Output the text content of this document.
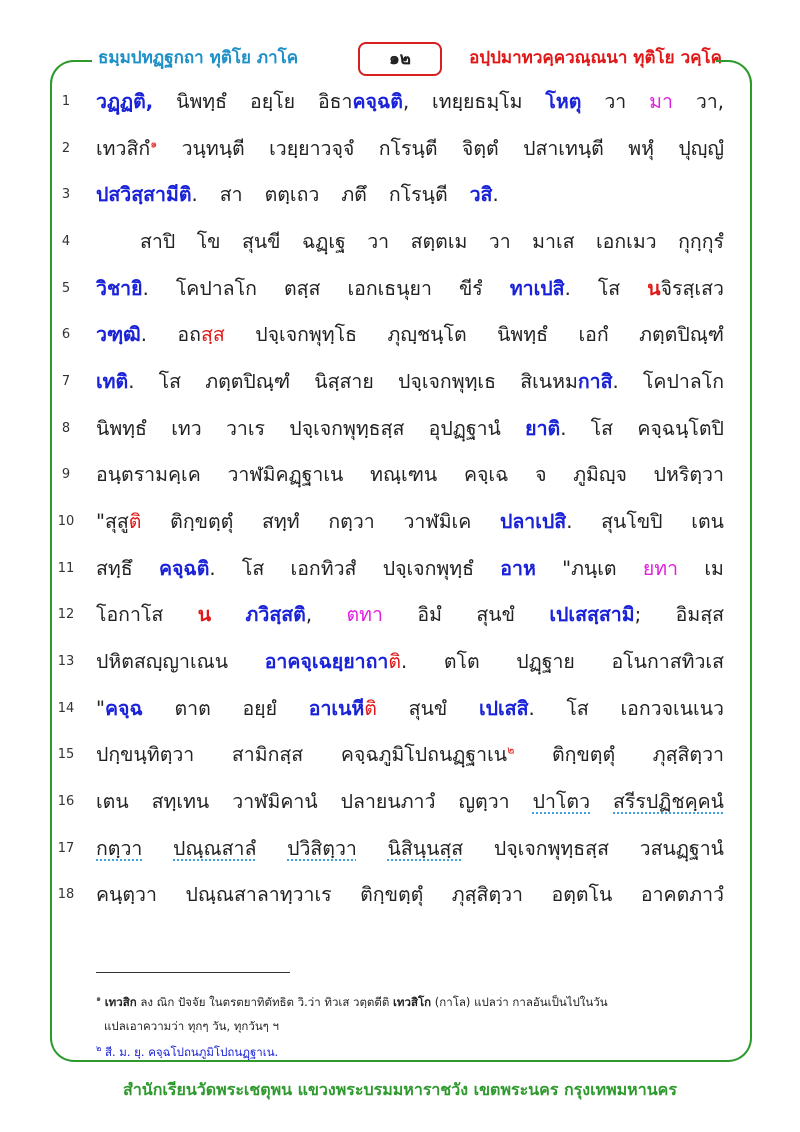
ธมฺมปทฏฺฐกถา ทุติโย ภาโค	๑๒	อปฺปมาทวคฺควณฺณนา ทุติโย วคฺโค
1
2
3
4
5
6
7
8
9
10
11
12
13
14
15
16
17
18
วฏฺฏติ, นิพทฺธํ อยฺโย อิธาคจฺฉติ, เทยฺยธมฺโม โหตุ วา มา วา,
เทวสิกํ$^๑$ วนฺทนฺตี เวยฺยาวจฺจํ กโรนฺตี จิตฺตํ ปสาเทนฺตี พหุํ ปุญฺญํ
ปสวิสฺสามีติ. สา ตตฺเถว ภตึ กโรนฺตี วสิ.
สาปิ โข สุนขี ฉฏฺเฐ วา สตฺตเม วา มาเส เอกเมว กุกฺกุรํ
วิชายิ. โคปาลโก ตสฺส เอกเธนุยา ขีรํ ทาเปสิ. โส นจิรสฺเสว
วฑฺฒิ. อถสฺส ปจฺเจกพุทฺโธ ภุญฺชนฺโต นิพทฺธํ เอกํ ภตฺตปิณฺฑํ
เทติ. โส ภตฺตปิณฺฑํ นิสฺสาย ปจฺเจกพุทฺเธ สิเนหมกาสิ. โคปาลโก
นิพทฺธํ เทว วาเร ปจฺเจกพุทฺธสฺส อุปฏฺฐานํ ยาติ. โส คจฺฉนฺโตปิ
อนฺตรามคฺเค วาฬมิคฏฺฐาเน ทณฺเฑน คจฺเฉ จ ภูมิญฺจ ปหริตฺวา
"สุสูติ ติกฺขตฺตุํ สทฺทํ กตฺวา วาฬมิเค ปลาเปสิ. สุนโขปิ เตน
สทฺธึ คจฺฉติ. โส เอกทิวสํ ปจฺเจกพุทฺธํ อาห "ภนฺเต ยทา เม
โอกาโส น ภวิสฺสติ, ตทา อิมํ สุนขํ เปเสสฺสามิ; อิมสฺส
ปหิตสญฺญาเณน อาคจฺเฉยฺยาถาติ. ตโต ปฏฺฐาย อโนกาสทิวเส
"คจฺฉ ตาต อยฺยํ อาเนหีติ สุนขํ เปเสสิ. โส เอกวจเนเนว
ปกฺขนฺทิตฺวา สามิกสฺส คจฺฉภูมิโปถนฏฺฐาเน$^๒$ ติกฺขตฺตุํ ภุสฺสิตฺวา
เตน สทฺเทน วาฬมิคานํ ปลายนภาวํ ญตฺวา ปาโตว สรีรปฏิชคฺคนํ
กตฺวา ปณฺณสาลํ ปวิสิตฺวา นิสินฺนสฺส ปจฺเจกพุทฺธสฺส วสนฏฺฐานํ
คนฺตฺวา ปณฺณสาลาทฺวาเร ติกฺขตฺตุํ ภุสฺสิตฺวา อตฺตโน อาคตภาวํ
$^๑$ เทวสิก ลง ณิก ปัจจัย ในตรตยาทิตัทธิต วิ.ว่า ทิวเส วตฺตตีติ เทวสิโก (กาโล) แปลว่า กาลอันเป็นไปในวัน
แปลเอาความว่า ทุกๆ วัน, ทุกวันๆ ฯ
$^๒$ สี. ม. ยุ. คจฺฉโปถนภูมิโปถนฏฺฐาเน.
สำนักเรียนวัดพระเชตุพน แขวงพระบรมมหาราชวัง เขตพระนคร กรุงเทพมหานคร
